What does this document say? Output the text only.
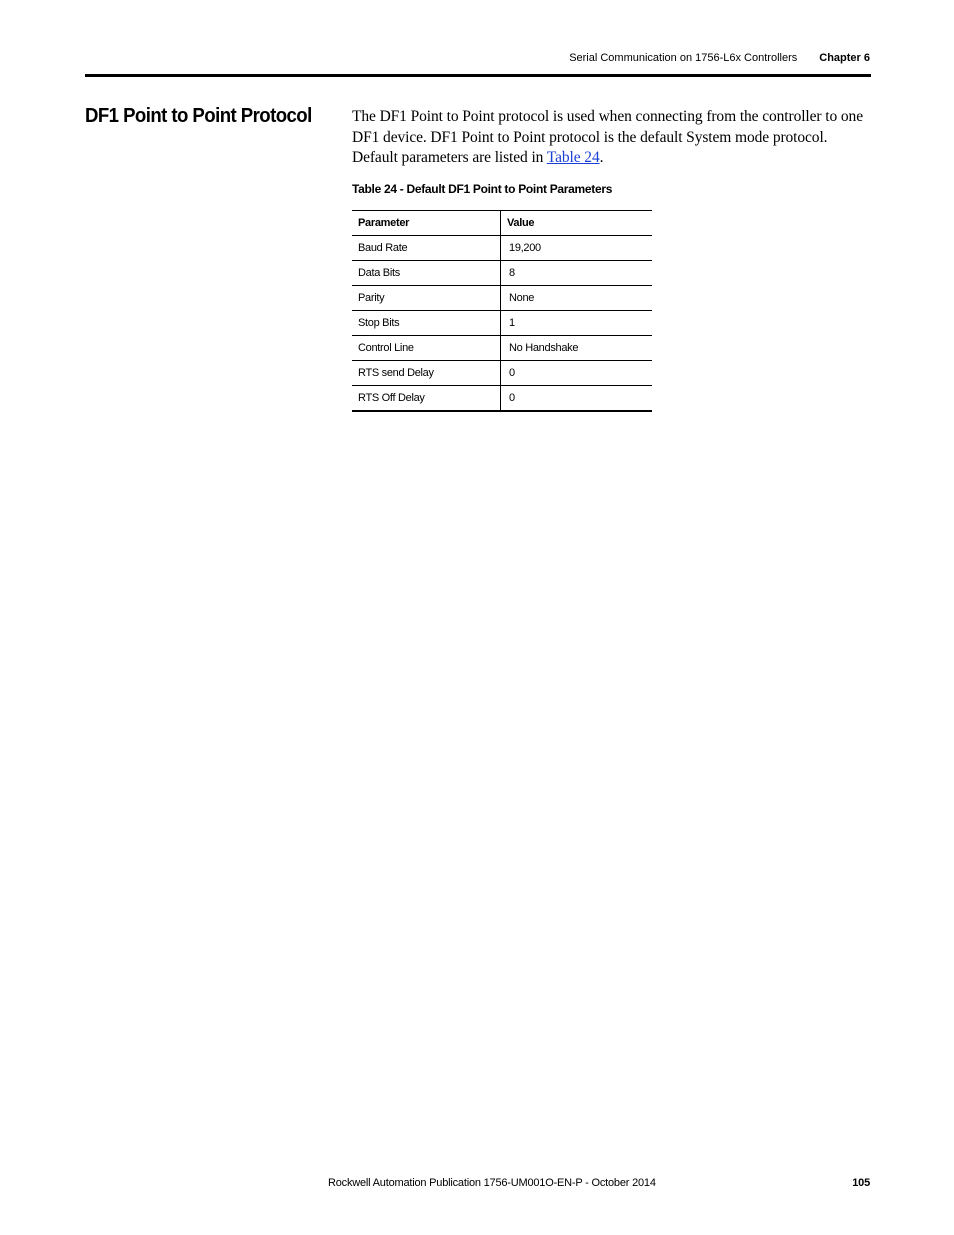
Serial Communication on 1756-L6x Controllers Chapter 6
DF1 Point to Point Protocol	The DF1 Point to Point protocol is used when connecting from the controller to one DF1 device. DF1 Point to Point protocol is the default System mode protocol. Default parameters are listed in Table 24.

Table 24 - Default DF1 Point to Point Parameters

Parameter	Value
Baud Rate	19,200
Data Bits	8
Parity	None
Stop Bits	1
Control Line	No Handshake
RTS send Delay	0
RTS Off Delay	0
Rockwell Automation Publication 1756-UM001O-EN-P - October 2014	105
